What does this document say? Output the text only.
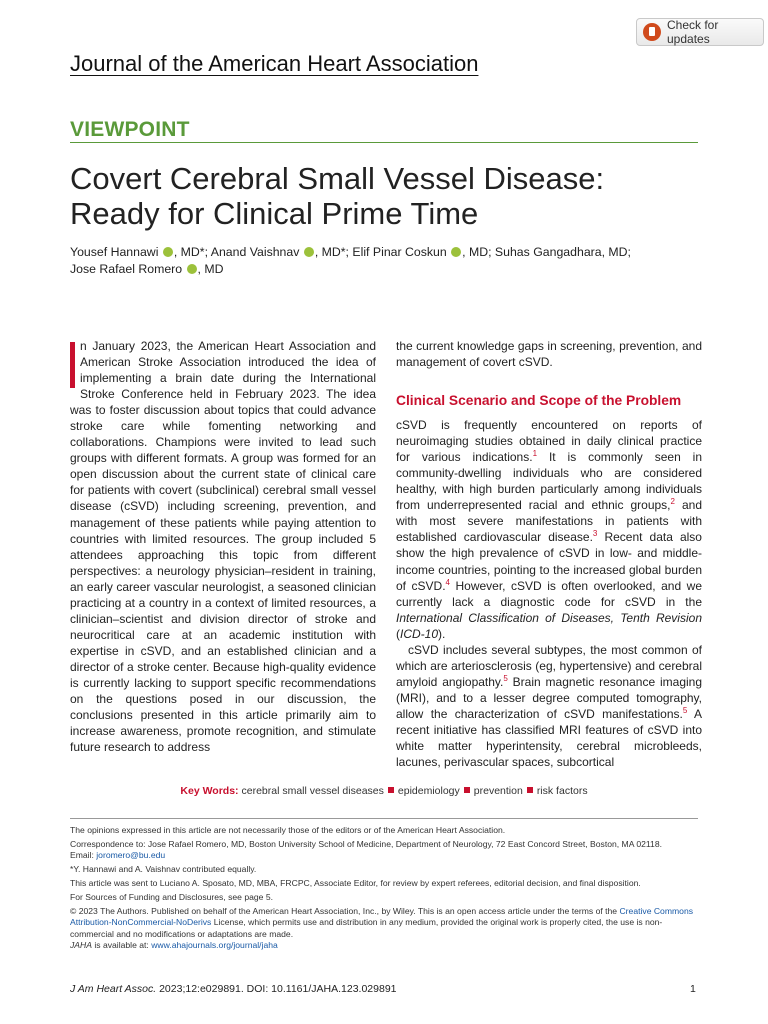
Check for updates
Journal of the American Heart Association
VIEWPOINT
Covert Cerebral Small Vessel Disease:
Ready for Clinical Prime Time
Yousef Hannawi , MD*; Anand Vaishnav , MD*; Elif Pinar Coskun , MD; Suhas Gangadhara, MD;
Jose Rafael Romero , MD

n January 2023, the American Heart Association and American Stroke Association introduced the idea of implementing a brain date during the International Stroke Conference held in February 2023. The idea was to foster discussion about topics that could advance stroke care while fomenting networking and collaborations. Champions were invited to lead such groups with different formats. A group was formed for an open discussion about the current state of clinical care for patients with covert (subclinical) cerebral small vessel disease (cSVD) including screening, prevention, and management of these patients while paying attention to countries with limited resources. The group included 5 attendees approaching this topic from different perspectives: a neurology physician–resident in training, an early career vascular neurologist, a seasoned clinician practicing at a country in a context of limited resources, a clinician–scientist and division director of stroke and neurocritical care at an academic institution with expertise in cSVD, and an established clinician and a director of a stroke center. Because high-quality evidence is currently lacking to support specific recommendations on the questions posed in our discussion, the conclusions presented in this article primarily aim to increase awareness, promote recognition, and stimulate future research to address

the current knowledge gaps in screening, prevention, and management of covert cSVD.

Clinical Scenario and Scope of the Problem

cSVD is frequently encountered on reports of neuroimaging studies obtained in daily clinical practice for various indications.$^1$ It is commonly seen in community-dwelling individuals who are considered healthy, with high burden particularly among individuals from underrepresented racial and ethnic groups,$^2$ and with most severe manifestations in patients with established cardiovascular disease.$^3$ Recent data also show the high prevalence of cSVD in low- and middle-income countries, pointing to the increased global burden of cSVD.$^4$ However, cSVD is often overlooked, and we currently lack a diagnostic code for cSVD in the International Classification of Diseases, Tenth Revision (ICD-10).

cSVD includes several subtypes, the most common of which are arteriosclerosis (eg, hypertensive) and cerebral amyloid angiopathy.$^5$ Brain magnetic resonance imaging (MRI), and to a lesser degree computed tomography, allow the characterization of cSVD manifestations.$^5$ A recent initiative has classified MRI features of cSVD into white matter hyperintensity, cerebral microbleeds, lacunes, perivascular spaces, subcortical

Key Words: cerebral small vessel diseases epidemiology prevention risk factors

The opinions expressed in this article are not necessarily those of the editors or of the American Heart Association.

Correspondence to: Jose Rafael Romero, MD, Boston University School of Medicine, Department of Neurology, 72 East Concord Street, Boston, MA 02118.
Email: joromero@bu.edu

*Y. Hannawi and A. Vaishnav contributed equally.

This article was sent to Luciano A. Sposato, MD, MBA, FRCPC, Associate Editor, for review by expert referees, editorial decision, and final disposition.

For Sources of Funding and Disclosures, see page 5.

© 2023 The Authors. Published on behalf of the American Heart Association, Inc., by Wiley. This is an open access article under the terms of the Creative Commons Attribution-NonCommercial-NoDerivs License, which permits use and distribution in any medium, provided the original work is properly cited, the use is non-commercial and no modifications or adaptations are made.
JAHA is available at: www.ahajournals.org/journal/jaha

J Am Heart Assoc. 2023;12:e029891. DOI: 10.1161/JAHA.123.029891	1
